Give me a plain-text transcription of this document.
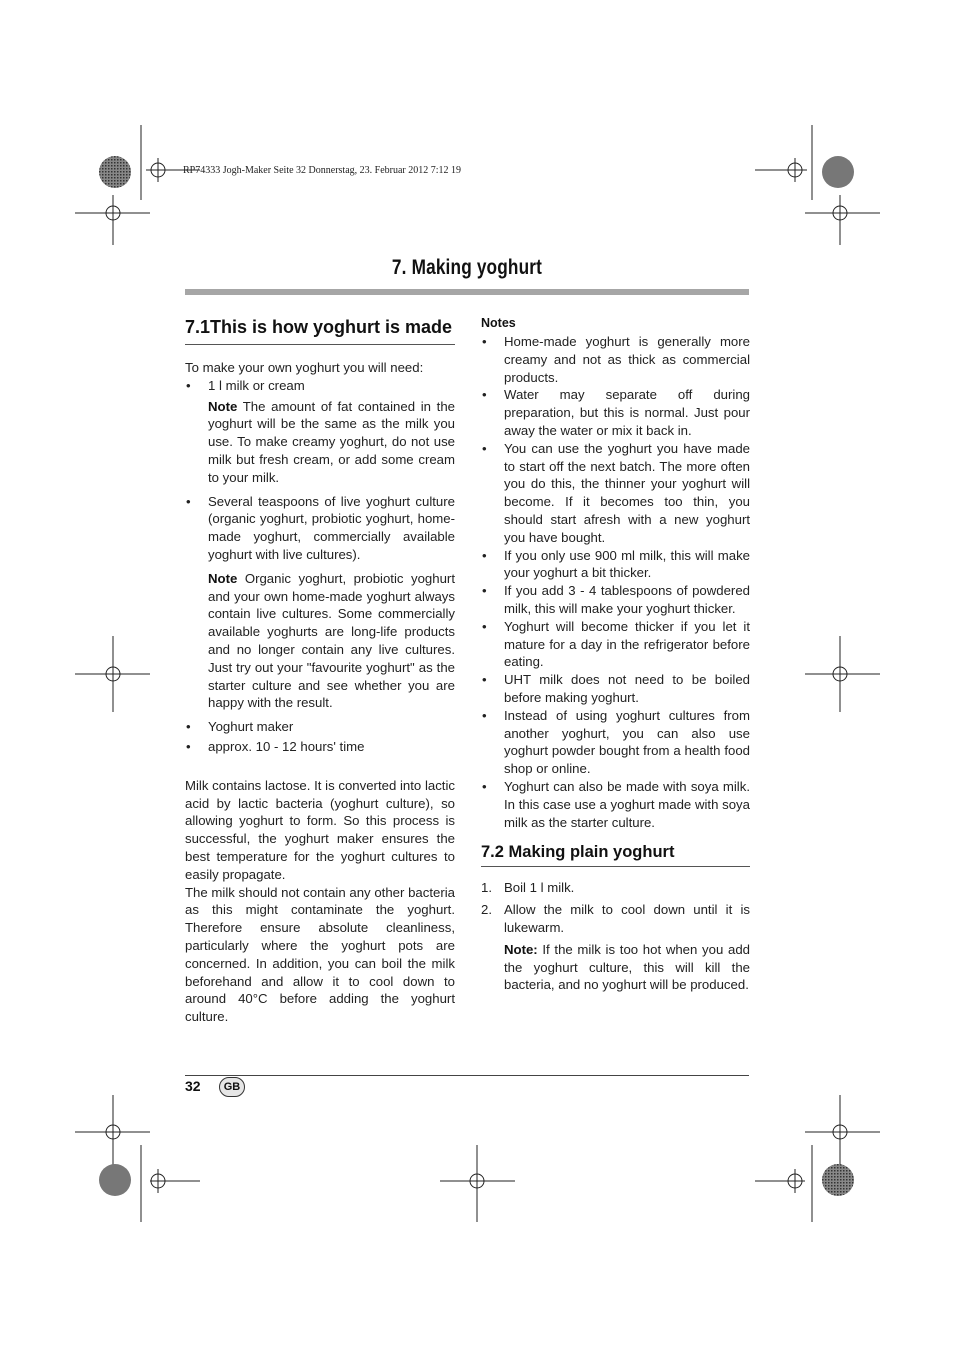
RP74333 Jogh-Maker Seite 32 Donnerstag, 23. Februar 2012 7:12 19
7. Making yoghurt
7.1This is how yoghurt is made

To make your own yoghurt you will need:

• 1 l milk or cream

Note The amount of fat contained in the yoghurt will be the same as the milk you use. To make creamy yoghurt, do not use milk but fresh cream, or add some cream to your milk.

• Several teaspoons of live yoghurt culture (organic yoghurt, probiotic yoghurt, home-made yoghurt, commercially available yoghurt with live cultures).

Note Organic yoghurt, probiotic yoghurt and your own home-made yoghurt always contain live cultures. Some commercially available yoghurts are long-life products and no longer contain any live cultures. Just try out your "favourite yoghurt" as the starter culture and see whether you are happy with the result.

• Yoghurt maker
• approx. 10 - 12 hours' time

Milk contains lactose. It is converted into lactic acid by lactic bacteria (yoghurt culture), so allowing yoghurt to form. So this process is successful, the yoghurt maker ensures the best temperature for the yoghurt cultures to easily propagate.

The milk should not contain any other bacteria as this might contaminate the yoghurt. Therefore ensure absolute cleanliness, particularly where the yoghurt pots are concerned. In addition, you can boil the milk beforehand and allow it to cool down to around 40°C before adding the yoghurt culture.

Notes
• Home-made yoghurt is generally more creamy and not as thick as commercial products.
• Water may separate off during preparation, but this is normal. Just pour away the water or mix it back in.
• You can use the yoghurt you have made to start off the next batch. The more often you do this, the thinner your yoghurt will become. If it becomes too thin, you should start afresh with a new yoghurt you have bought.
• If you only use 900 ml milk, this will make your yoghurt a bit thicker.
• If you add 3 - 4 tablespoons of powdered milk, this will make your yoghurt thicker.
• Yoghurt will become thicker if you let it mature for a day in the refrigerator before eating.
• UHT milk does not need to be boiled before making yoghurt.
• Instead of using yoghurt cultures from another yoghurt, you can also use yoghurt powder bought from a health food shop or online.
• Yoghurt can also be made with soya milk. In this case use a yoghurt made with soya milk as the starter culture.
7.2 Making plain yoghurt
1. Boil 1 l milk.
2. Allow the milk to cool down until it is lukewarm.

Note: If the milk is too hot when you add the yoghurt culture, this will kill the bacteria, and no yoghurt will be produced.

32	GB
